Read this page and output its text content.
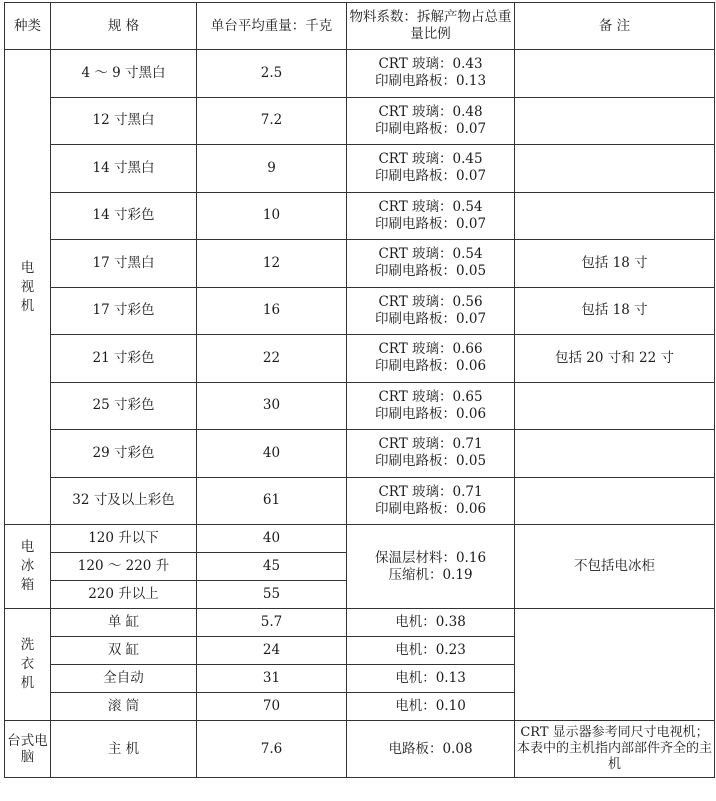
种类	规 格	单台平均重量：千克	物料系数：拆解产物占总重量比例	备 注
电视机	4 ～ 9 寸黑白	2.5	CRT 玻璃：0.43
印刷电路板：0.13	

	12 寸黑白	7.2	CRT 玻璃：0.48
印刷电路板：0.07	

	14 寸黑白	9	CRT 玻璃：0.45
印刷电路板：0.07	

	14 寸彩色	10	CRT 玻璃：0.54
印刷电路板：0.07	

	17 寸黑白	12	CRT 玻璃：0.54
印刷电路板：0.05	包括 18 寸
	17 寸彩色	16	CRT 玻璃：0.56
印刷电路板：0.07	包括 18 寸
	21 寸彩色	22	CRT 玻璃：0.66
印刷电路板：0.06	包括 20 寸和 22 寸
	25 寸彩色	30	CRT 玻璃：0.65
印刷电路板：0.06	

	29 寸彩色	40	CRT 玻璃：0.71
印刷电路板：0.05	

	32 寸及以上彩色	61	CRT 玻璃：0.71
印刷电路板：0.06	

电冰箱	120 升以下	40	保温层材料：0.16
压缩机：0.19	不包括电冰柜
	120 ～ 220 升	45		
	220 升以上	55		
洗衣机	单 缸	5.7	电机：0.38	
	双 缸	24	电机：0.23	
	全自动	31	电机：0.13	
	滚 筒	70	电机：0.10	
台式电脑	主 机	7.6	电路板：0.08	CRT 显示器参考同尺寸电视机；本表中的主机指内部部件齐全的主机
